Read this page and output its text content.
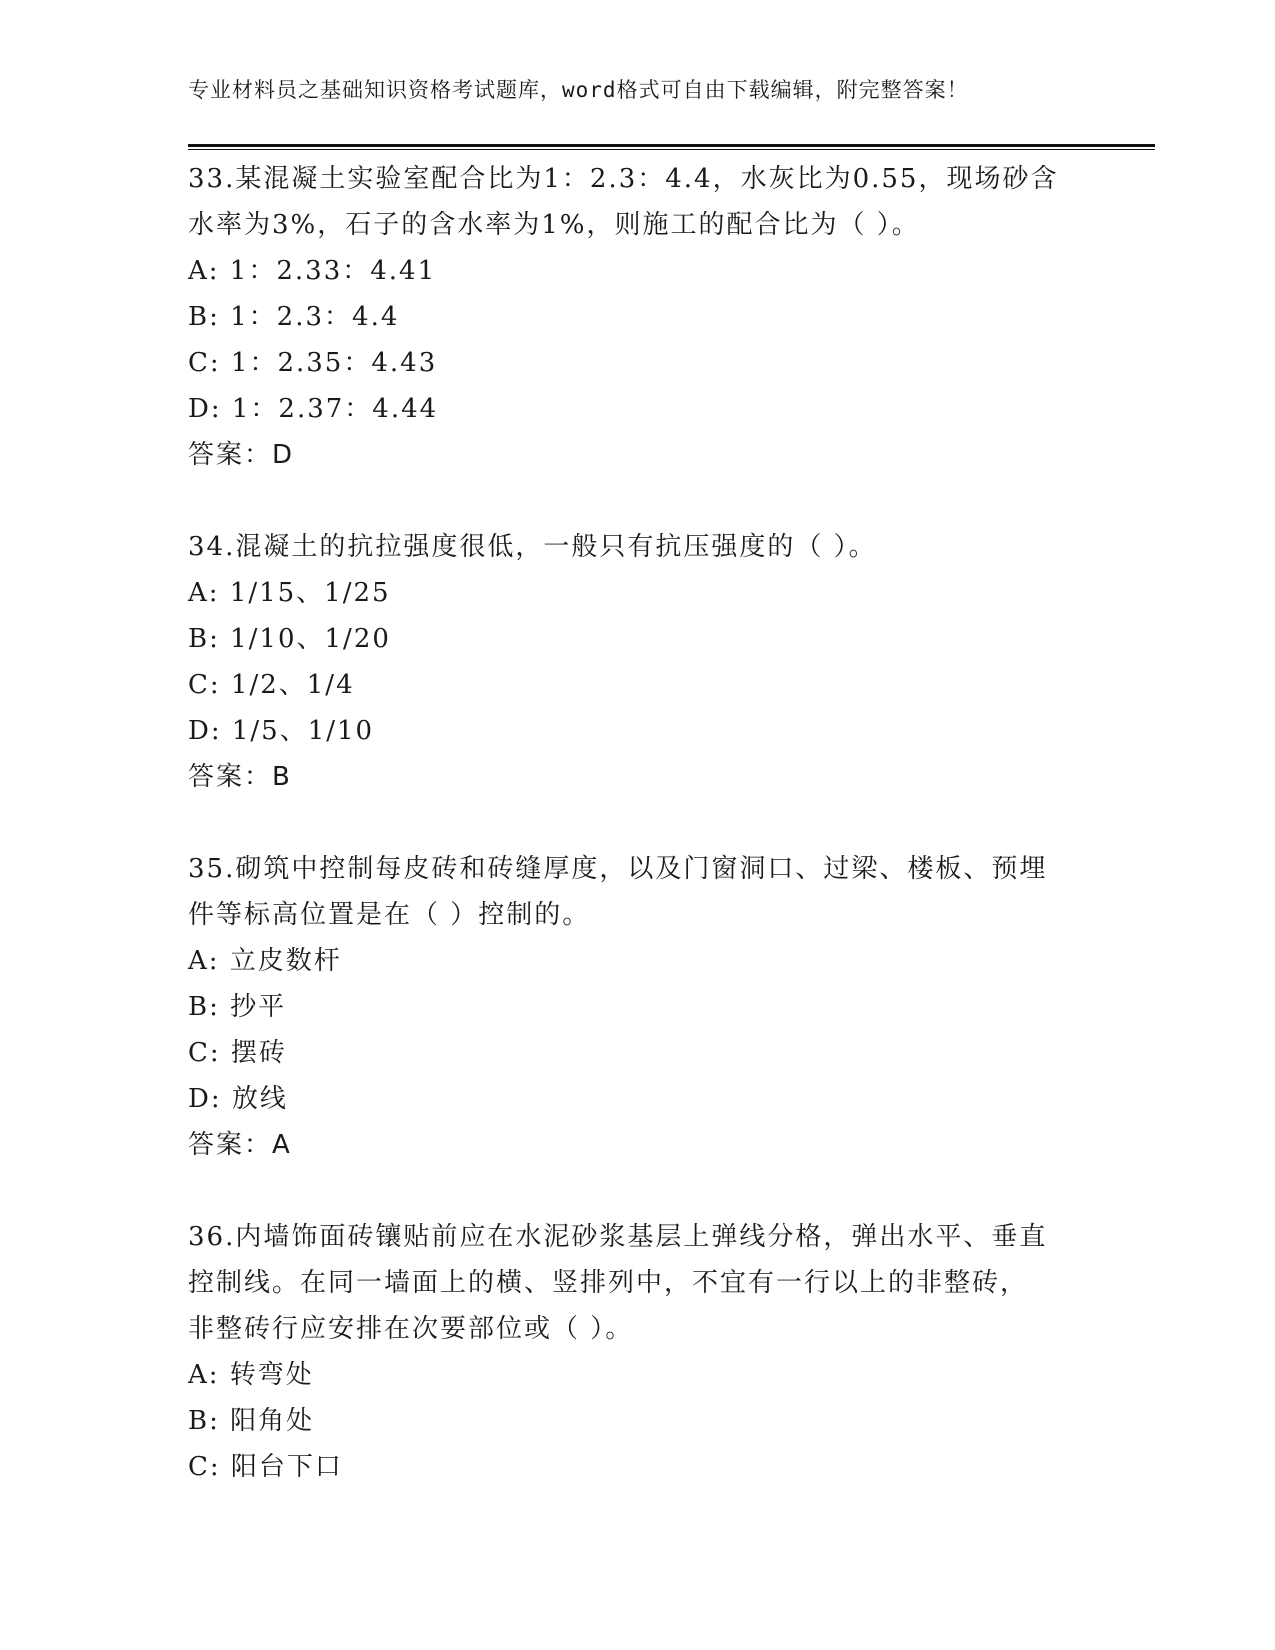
专业材料员之基础知识资格考试题库，word格式可自由下载编辑，附完整答案！

33.某混凝土实验室配合比为1：2.3：4.4，水灰比为0.55，现场砂含

水率为3%，石子的含水率为1%，则施工的配合比为（ ）。

A: 1：2.33：4.41

B: 1：2.3：4.4

C: 1：2.35：4.43

D: 1：2.37：4.44

答案：D

34.混凝土的抗拉强度很低，一般只有抗压强度的（ ）。

A: 1/15、1/25

B: 1/10、1/20

C: 1/2、1/4

D: 1/5、1/10

答案：B

35.砌筑中控制每皮砖和砖缝厚度，以及门窗洞口、过梁、楼板、预埋

件等标高位置是在（ ）控制的。

A: 立皮数杆

B: 抄平

C: 摆砖

D: 放线

答案：A

36.内墙饰面砖镶贴前应在水泥砂浆基层上弹线分格，弹出水平、垂直

控制线。在同一墙面上的横、竖排列中，不宜有一行以上的非整砖，

非整砖行应安排在次要部位或（ ）。

A: 转弯处

B: 阳角处

C: 阳台下口
